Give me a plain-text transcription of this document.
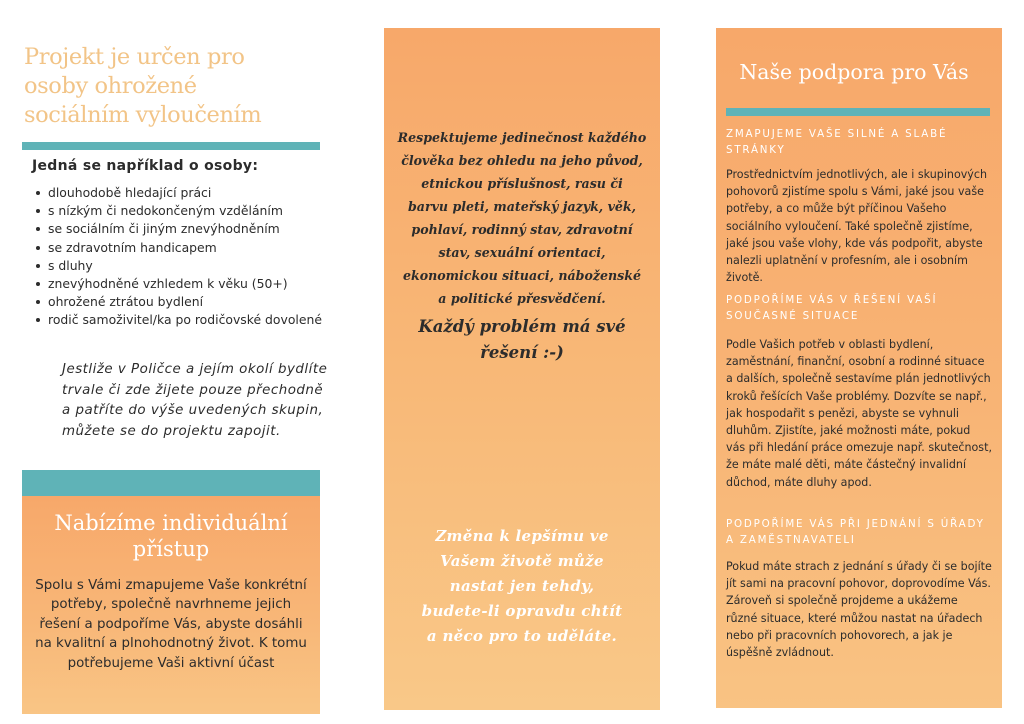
Projekt je určen pro
osoby ohrožené
sociálním vyloučením
Jedná se například o osoby:
dlouhodobě hledající práci
s nízkým či nedokončeným vzděláním
se sociálním či jiným znevýhodněním
se zdravotním handicapem
s dluhy
znevýhodněné vzhledem k věku (50+)
ohrožené ztrátou bydlení
rodič samoživitel/ka po rodičovské dovolené
Jestliže v Poličce a jejím okolí bydlíte trvale či zde žijete pouze přechodně a patříte do výše uvedených skupin, můžete se do projektu zapojit.
Nabízíme individuální
přístup
Spolu s Vámi zmapujeme Vaše konkrétní potřeby, společně navrhneme jejich řešení a podpoříme Vás, abyste dosáhli na kvalitní a plnohodnotný život. K tomu potřebujeme Vaši aktivní účast
Respektujeme jedinečnost každého
člověka bez ohledu na jeho původ,
etnickou příslušnost, rasu či
barvu pleti, mateřský jazyk, věk,
pohlaví, rodinný stav, zdravotní
stav, sexuální orientaci,
ekonomickou situaci, náboženské
a politické přesvědčení.
Každý problém má své
řešení :-)
Změna k lepšímu ve
Vašem životě může
nastat jen tehdy,
budete-li opravdu chtít
a něco pro to uděláte.
Naše podpora pro Vás
ZMAPUJEME VAŠE SILNÉ A SLABÉ STRÁNKY
Prostřednictvím jednotlivých, ale i skupinových pohovorů zjistíme spolu s Vámi, jaké jsou vaše potřeby, a co může být příčinou Vašeho sociálního vyloučení. Také společně zjistíme, jaké jsou vaše vlohy, kde vás podpořit, abyste nalezli uplatnění v profesním, ale i osobním životě.
PODPOŘÍME VÁS V ŘEŠENÍ VAŠÍ SOUČASNÉ SITUACE
Podle Vašich potřeb v oblasti bydlení, zaměstnání, finanční, osobní a rodinné situace a dalších, společně sestavíme plán jednotlivých kroků řešících Vaše problémy. Dozvíte se např., jak hospodařit s penězi, abyste se vyhnuli dluhům. Zjistíte, jaké možnosti máte, pokud vás při hledání práce omezuje např. skutečnost, že máte malé děti, máte částečný invalidní důchod, máte dluhy apod.
PODPOŘÍME VÁS PŘI JEDNÁNÍ S ÚŘADY A ZAMĚSTNAVATELI
Pokud máte strach z jednání s úřady či se bojíte jít sami na pracovní pohovor, doprovodíme Vás. Zároveň si společně projdeme a ukážeme různé situace, které můžou nastat na úřadech nebo při pracovních pohovorech, a jak je úspěšně zvládnout.
